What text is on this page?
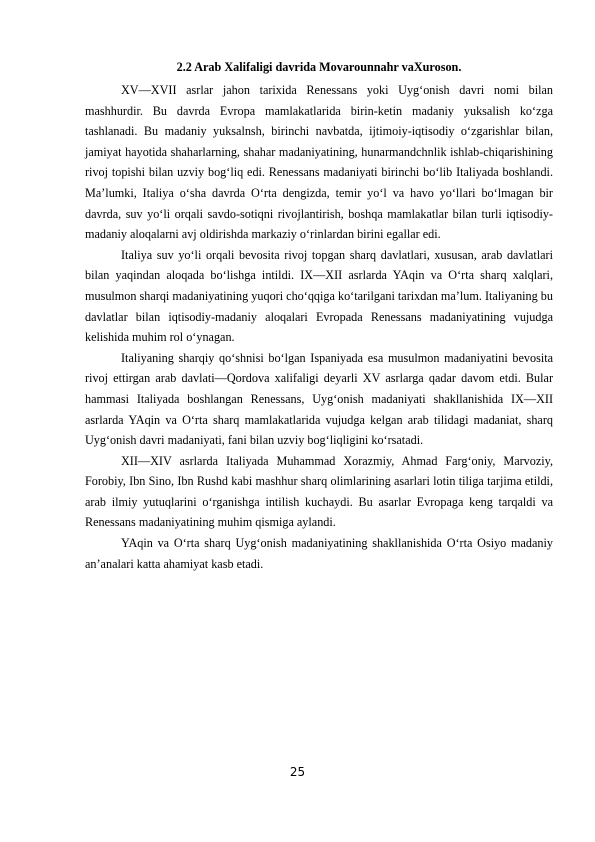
2.2 Arab Xalifaligi davrida Movarounnahr vaXuroson.

XV—XVII asrlar jahon tarixida Renessans yoki Uyg‘onish davri nomi bilan mashhurdir. Bu davrda Evropa mamlakatlarida birin-ketin madaniy yuksalish ko‘zga tashlanadi. Bu madaniy yuksalnsh, birinchi navbatda, ijtimoiy-iqtisodiy o‘zgarishlar bilan, jamiyat hayotida shaharlarning, shahar madaniyatining, hunarmandchnlik ishlab-chiqarishining rivoj topishi bilan uzviy bog‘liq edi. Renessans madaniyati birinchi bo‘lib Italiyada boshlandi. Ma’lumki, Italiya o‘sha davrda O‘rta dengizda, temir yo‘l va havo yo‘llari bo‘lmagan bir davrda, suv yo‘li orqali savdo-sotiqni rivojlantirish, boshqa mamlakatlar bilan turli iqtisodiy-madaniy aloqalarni avj oldirishda markaziy o‘rinlardan birini egallar edi.

Italiya suv yo‘li orqali bevosita rivoj topgan sharq davlatlari, xususan, arab davlatlari bilan yaqindan aloqada bo‘lishga intildi. IX—XII asrlarda YAqin va O‘rta sharq xalqlari, musulmon sharqi madaniyatining yuqori cho‘qqiga ko‘tarilgani tarixdan ma’lum. Italiyaning bu davlatlar bilan iqtisodiy-madaniy aloqalari Evropada Renessans madaniyatining vujudga kelishida muhim rol o‘ynagan.

Italiyaning sharqiy qo‘shnisi bo‘lgan Ispaniyada esa musulmon madaniyatini bevosita rivoj ettirgan arab davlati—Qordova xalifaligi deyarli XV asrlarga qadar davom etdi. Bular hammasi Italiyada boshlangan Renessans, Uyg‘onish madaniyati shakllanishida IX—XII asrlarda YAqin va O‘rta sharq mamlakatlarida vujudga kelgan arab tilidagi madaniat, sharq Uyg‘onish davri madaniyati, fani bilan uzviy bog‘liqligini ko‘rsatadi.

XII—XIV asrlarda Italiyada Muhammad Xorazmiy, Ahmad Farg‘oniy, Marvoziy, Forobiy, Ibn Sino, Ibn Rushd kabi mashhur sharq olimlarining asarlari lotin tiliga tarjima etildi, arab ilmiy yutuqlarini o‘rganishga intilish kuchaydi. Bu asarlar Evropaga keng tarqaldi va Renessans madaniyatining muhim qismiga aylandi.

YAqin va O‘rta sharq Uyg‘onish madaniyatining shakllanishida O‘rta Osiyo madaniy an’analari katta ahamiyat kasb etadi.

25
